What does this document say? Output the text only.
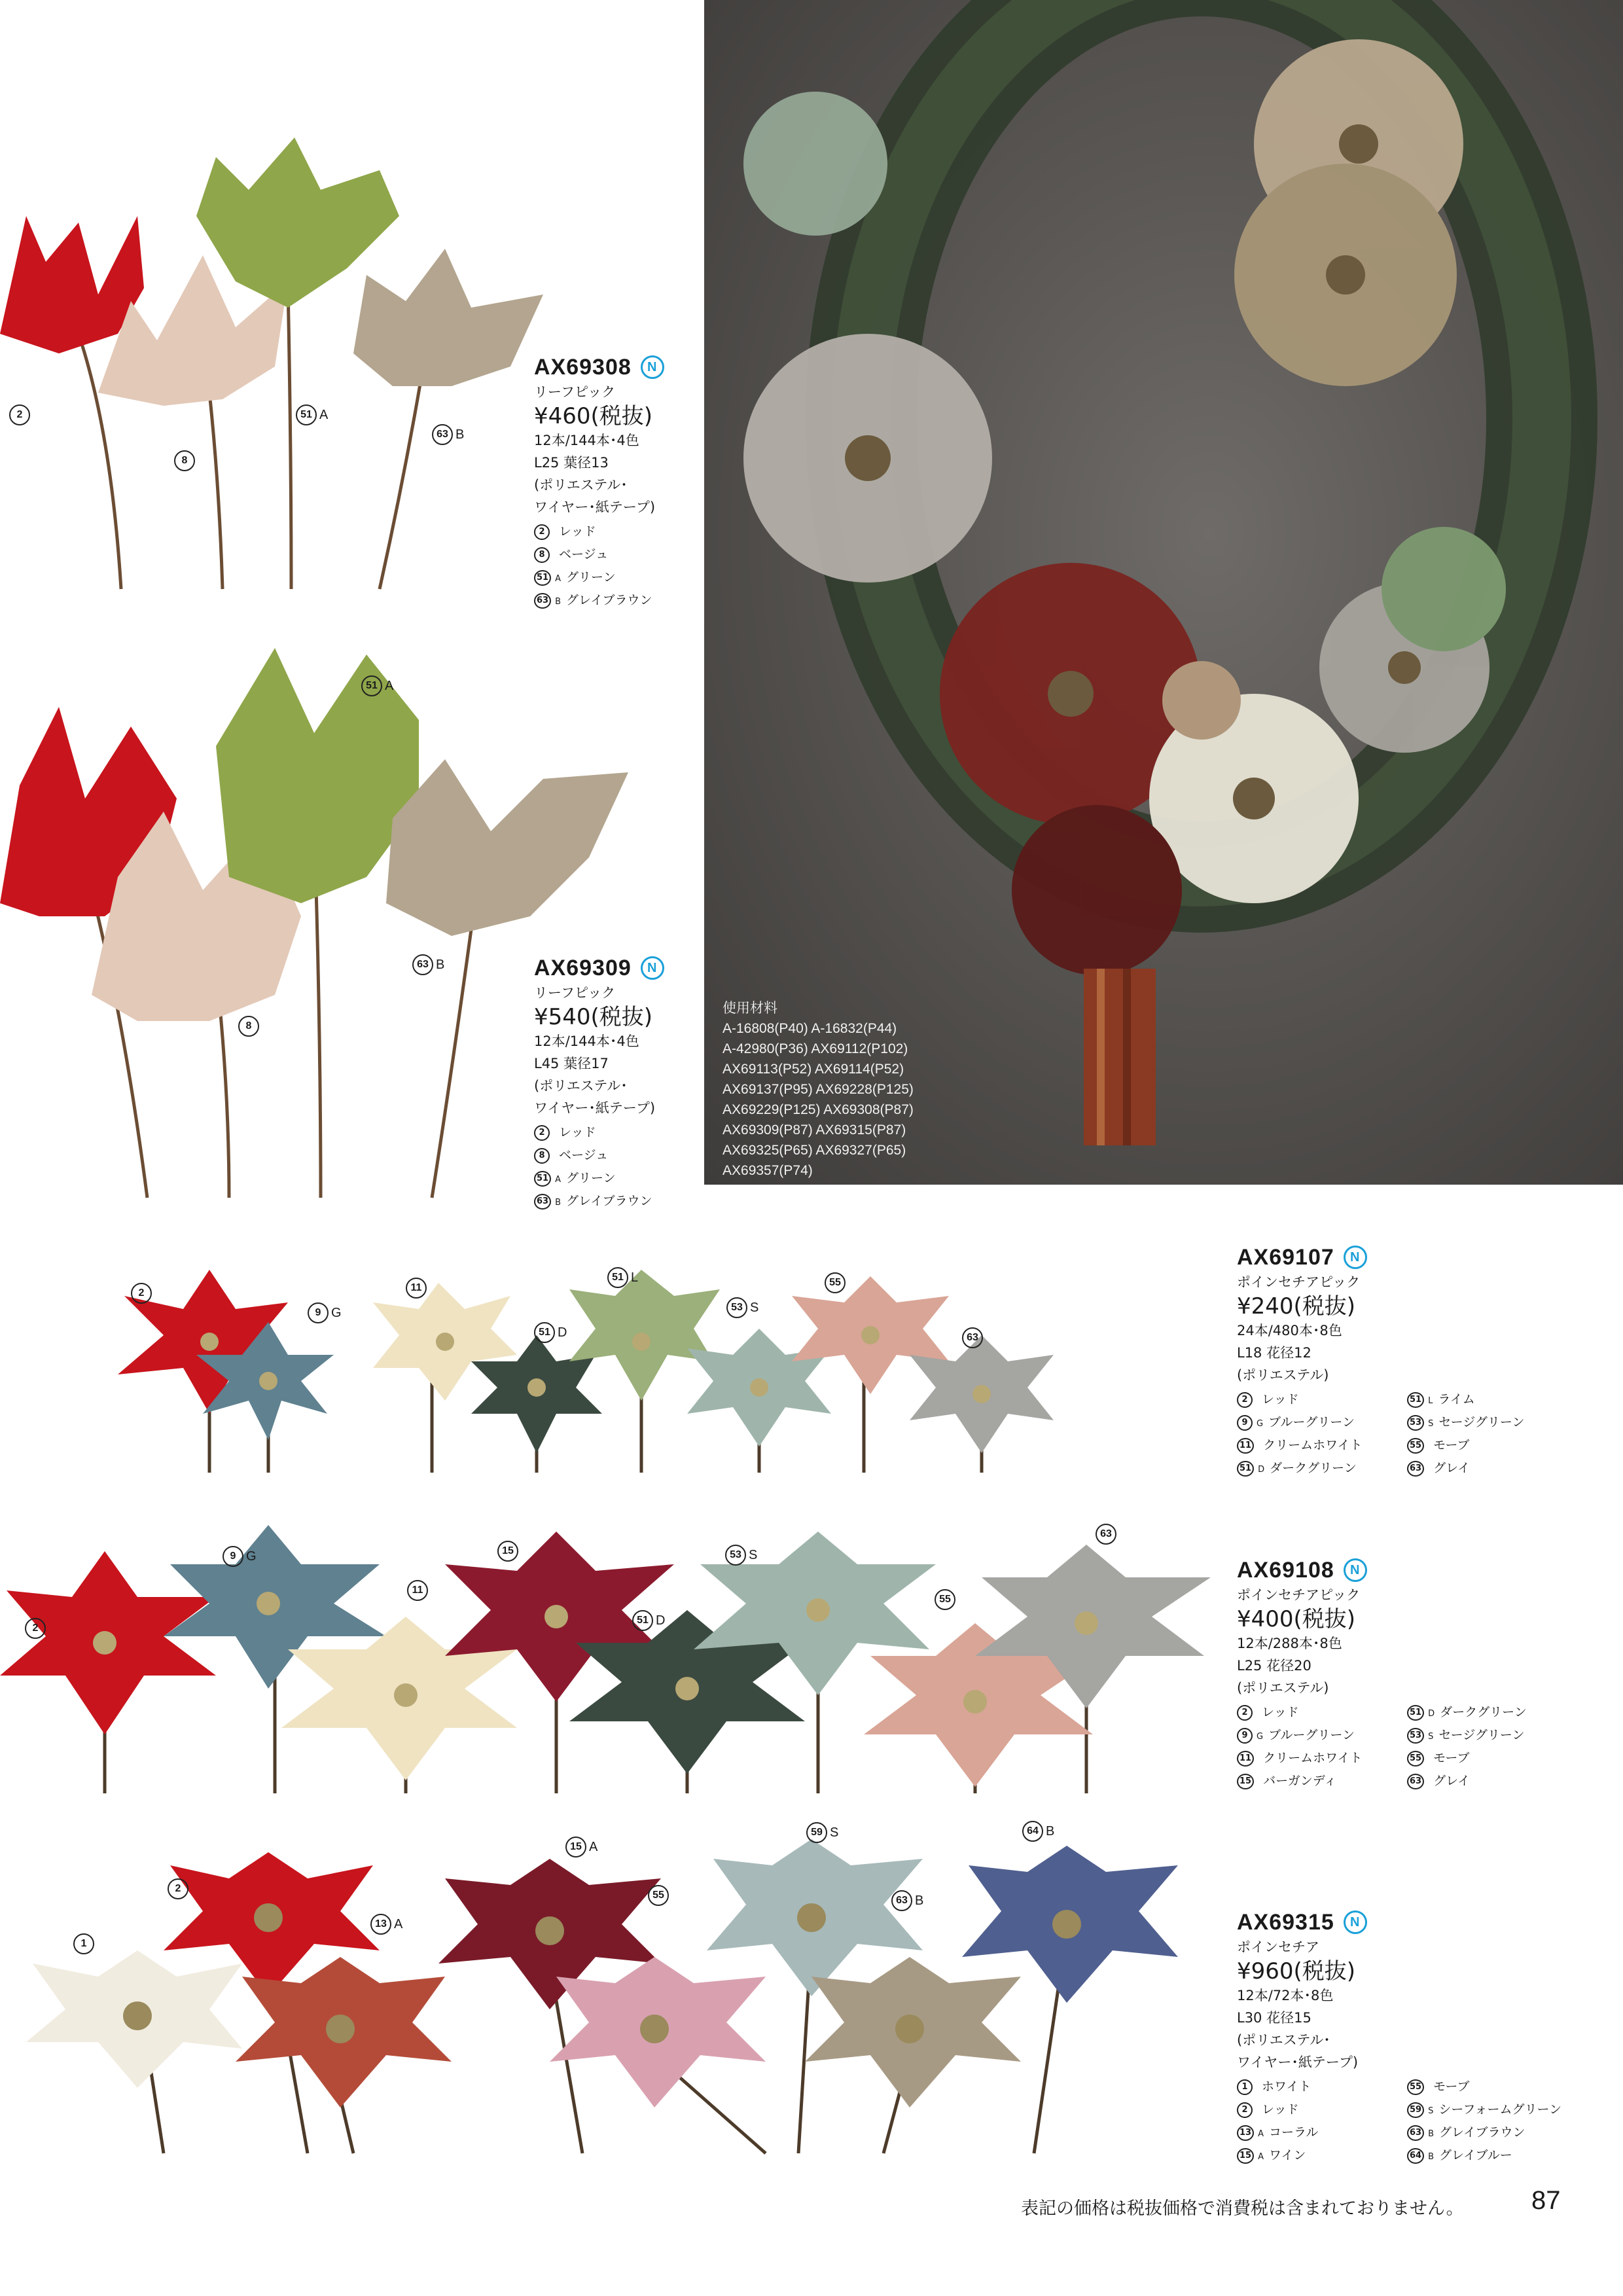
使用材料
A-16808(P40) A-16832(P44)
A-42980(P36) AX69112(P102)
AX69113(P52) AX69114(P52)
AX69137(P95) AX69228(P125)
AX69229(P125) AX69308(P87)
AX69309(P87) AX69315(P87)
AX69325(P65) AX69327(P65)
AX69357(P74)
2
8
51 A
63 B
51 A
63 B
8
2
9 G
11
51 L
51 D
53 S
55
63
2
9 G
11
15
51 D
53 S
55
63
1
2
13 A
15 A
55
59 S
63 B
64 B
AX69308	N
リーフピック
¥460(税抜)
12本/144本･4色
L25 葉径13
(ポリエステル･
ワイヤー･紙テープ)
2 レッド
8 ベージュ
51 A グリーン
63 B グレイブラウン
AX69309	N
リーフピック
¥540(税抜)
12本/144本･4色
L45 葉径17
(ポリエステル･
ワイヤー･紙テープ)
2 レッド
8 ベージュ
51 A グリーン
63 B グレイブラウン
AX69107	N
ポインセチアピック
¥240(税抜)
24本/480本･8色
L18 花径12
(ポリエステル)
2 レッド	51 L ライム
9 G ブルーグリーン	53 S セージグリーン
11 クリームホワイト	55 モーブ
51 D ダークグリーン	63 グレイ
AX69108	N
ポインセチアピック
¥400(税抜)
12本/288本･8色
L25 花径20
(ポリエステル)
2 レッド	51 D ダークグリーン
9 G ブルーグリーン	53 S セージグリーン
11 クリームホワイト	55 モーブ
15 バーガンディ	63 グレイ
AX69315	N
ポインセチア
¥960(税抜)
12本/72本･8色
L30 花径15
(ポリエステル･
ワイヤー･紙テープ)
1 ホワイト	55 モーブ
2 レッド	59 S シーフォームグリーン
13 A コーラル	63 B グレイブラウン
15 A ワイン	64 B グレイブルー
表記の価格は税抜価格で消費税は含まれておりません。	87
